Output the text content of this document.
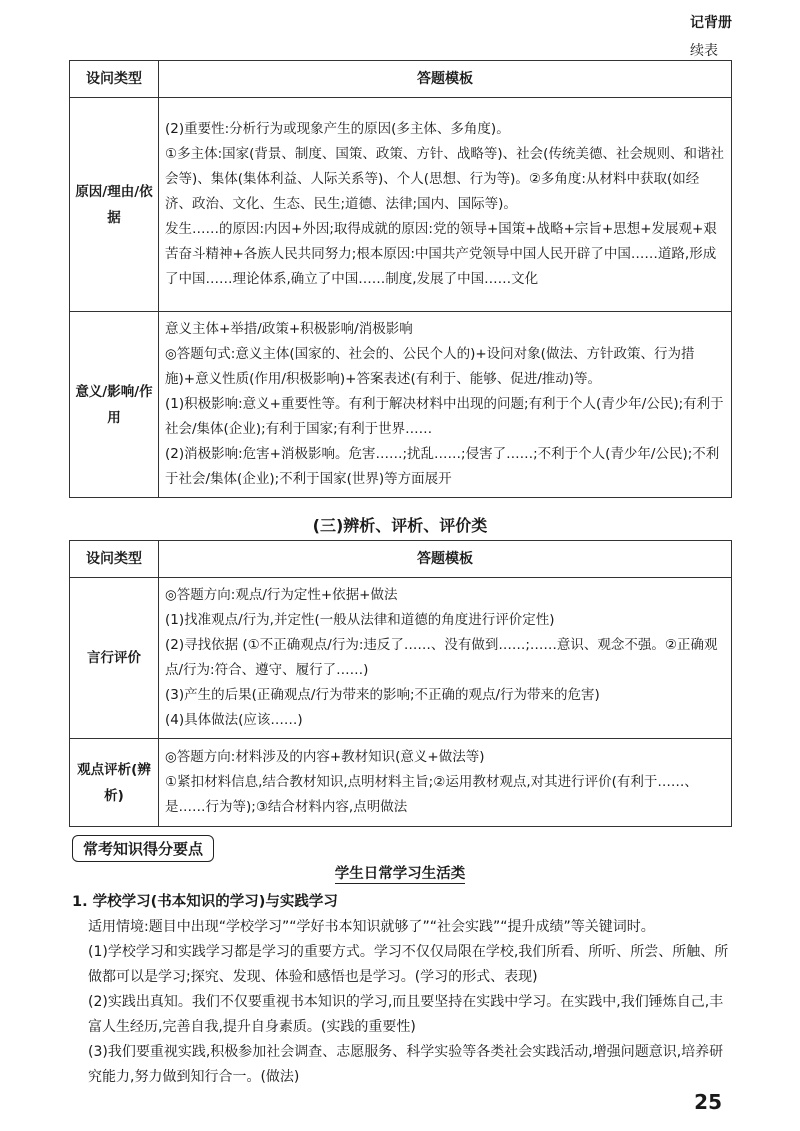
记背册
续表
设问类型	答题模板
原因/理由/依据	(2)重要性:分析行为或现象产生的原因(多主体、多角度)。
①多主体:国家(背景、制度、国策、政策、方针、战略等)、社会(传统美德、社会规则、和谐社会等)、集体(集体利益、人际关系等)、个人(思想、行为等)。②多角度:从材料中获取(如经济、政治、文化、生态、民生;道德、法律;国内、国际等)。
发生……的原因:内因+外因;取得成就的原因:党的领导+国策+战略+宗旨+思想+发展观+艰苦奋斗精神+各族人民共同努力;根本原因:中国共产党领导中国人民开辟了中国……道路,形成了中国……理论体系,确立了中国……制度,发展了中国……文化

意义/影响/作用	意义主体+举措/政策+积极影响/消极影响
◎答题句式:意义主体(国家的、社会的、公民个人的)+设问对象(做法、方针政策、行为措施)+意义性质(作用/积极影响)+答案表述(有利于、能够、促进/推动)等。
(1)积极影响:意义+重要性等。有利于解决材料中出现的问题;有利于个人(青少年/公民);有利于社会/集体(企业);有利于国家;有利于世界……
(2)消极影响:危害+消极影响。危害……;扰乱……;侵害了……;不利于个人(青少年/公民);不利于社会/集体(企业);不利于国家(世界)等方面展开
(三)辨析、评析、评价类
设问类型	答题模板
言行评价	◎答题方向:观点/行为定性+依据+做法
(1)找准观点/行为,并定性(一般从法律和道德的角度进行评价定性)
(2)寻找依据 (①不正确观点/行为:违反了……、没有做到……;……意识、观念不强。②正确观点/行为:符合、遵守、履行了……)
(3)产生的后果(正确观点/行为带来的影响;不正确的观点/行为带来的危害)
(4)具体做法(应该……)

观点评析(辨析)	◎答题方向:材料涉及的内容+教材知识(意义+做法等)
①紧扣材料信息,结合教材知识,点明材料主旨;②运用教材观点,对其进行评价(有利于……、是……行为等);③结合材料内容,点明做法
常考知识得分要点
学生日常学习生活类
1. 学校学习(书本知识的学习)与实践学习
适用情境:题目中出现“学校学习”“学好书本知识就够了”“社会实践”“提升成绩”等关键词时。
(1)学校学习和实践学习都是学习的重要方式。学习不仅仅局限在学校,我们所看、所听、所尝、所触、所做都可以是学习;探究、发现、体验和感悟也是学习。(学习的形式、表现)
(2)实践出真知。我们不仅要重视书本知识的学习,而且要坚持在实践中学习。在实践中,我们锤炼自己,丰富人生经历,完善自我,提升自身素质。(实践的重要性)
(3)我们要重视实践,积极参加社会调查、志愿服务、科学实验等各类社会实践活动,增强问题意识,培养研究能力,努力做到知行合一。(做法)
25
